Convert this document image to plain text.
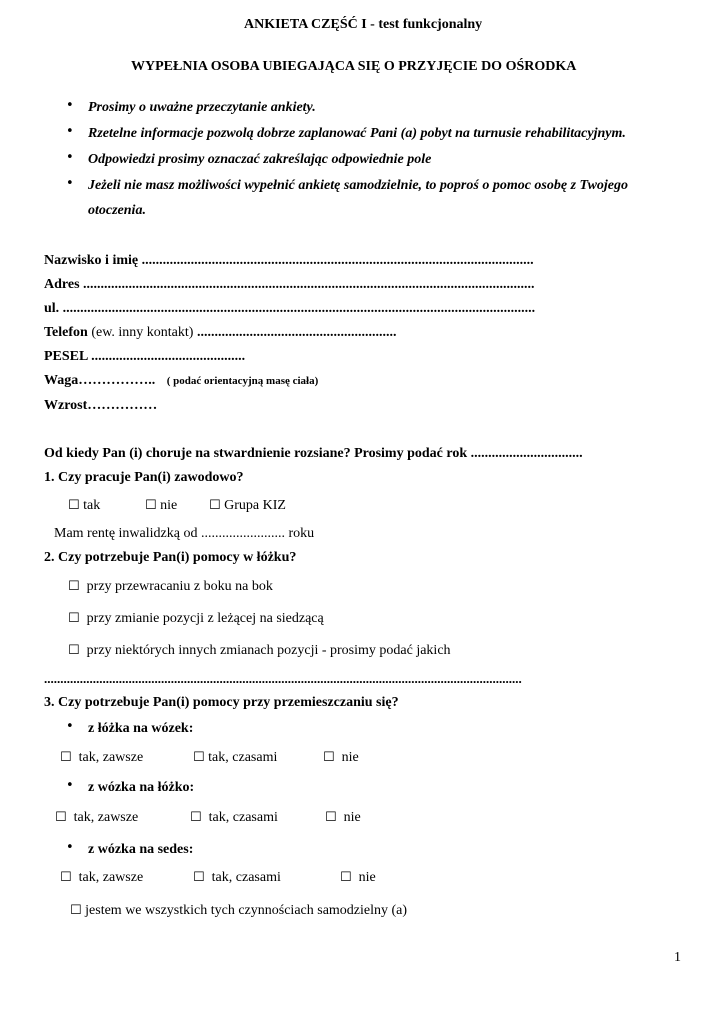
ANKIETA CZĘŚĆ I - test funkcjonalny
WYPEŁNIA OSOBA UBIEGAJĄCA SIĘ O PRZYJĘCIE DO OŚRODKA
• Prosimy o uważne przeczytanie ankiety.
• Rzetelne informacje pozwolą dobrze zaplanować Pani (a) pobyt na turnusie rehabilitacyjnym.
• Odpowiedzi prosimy oznaczać zakreślając odpowiednie pole
• Jeżeli nie masz możliwości wypełnić ankietę samodzielnie, to poproś o pomoc osobę z Twojego
otoczenia.
Nazwisko i imię ................................................................................................................
Adres .................................................................................................................................
ul. .......................................................................................................................................
Telefon (ew. inny kontakt) .........................................................
PESEL ............................................
Waga…………….. ( podać orientacyjną masę ciała)
Wzrost……………
Od kiedy Pan (i) choruje na stwardnienie rozsiane? Prosimy podać rok ................................
1. Czy pracuje Pan(i) zawodowo?
☐ tak	☐ nie ☐ Grupa KIZ
Mam rentę inwalidzką od ........................ roku
2. Czy potrzebuje Pan(i) pomocy w łóżku?
☐ przy przewracaniu z boku na bok
☐ przy zmianie pozycji z leżącej na siedzącą
☐ przy niektórych innych zmianach pozycji - prosimy podać jakich
...................................................................................................................................................
3. Czy potrzebuje Pan(i) pomocy przy przemieszczaniu się?
• z łóżka na wózek:
☐ tak, zawsze	☐ tak, czasami	☐ nie
• z wózka na łóżko:
☐ tak, zawsze	☐ tak, czasami	☐ nie
• z wózka na sedes:
☐ tak, zawsze	☐ tak, czasami	☐ nie
☐ jestem we wszystkich tych czynnościach samodzielny (a)
1
